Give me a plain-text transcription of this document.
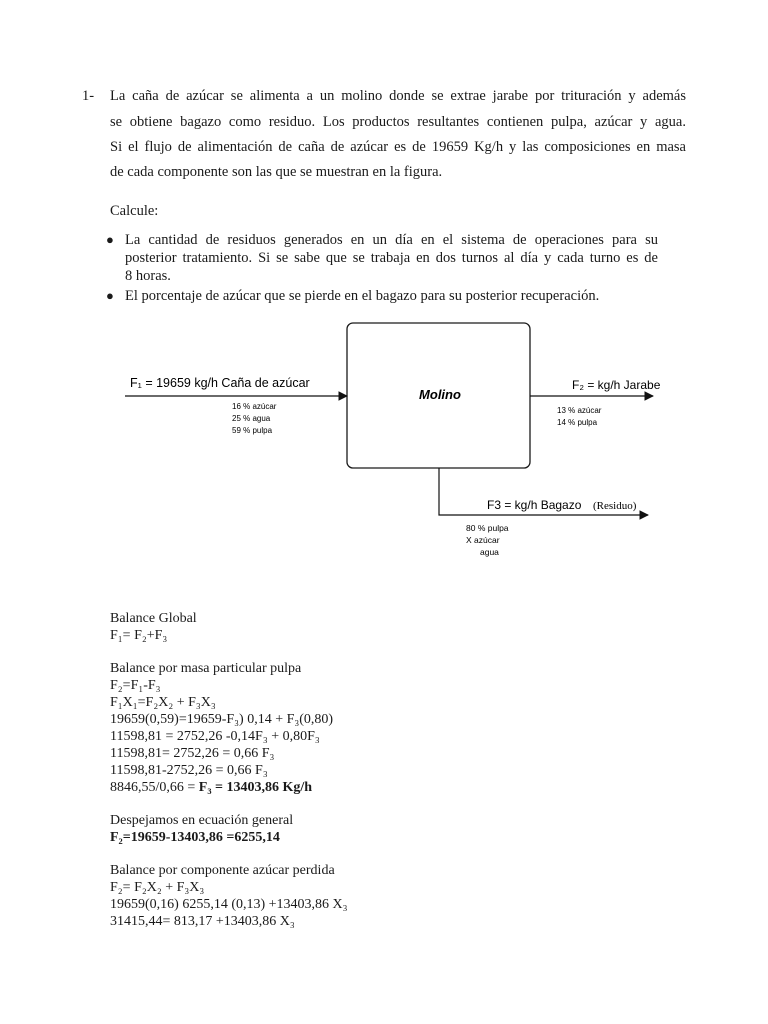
1- La caña de azúcar se alimenta a un molino donde se extrae jarabe por trituración y además
se obtiene bagazo como residuo. Los productos resultantes contienen pulpa, azúcar y agua.
Si el flujo de alimentación de caña de azúcar es de 19659 Kg/h y las composiciones en masa
de cada componente son las que se muestran en la figura.
Calcule:
● La cantidad de residuos generados en un día en el sistema de operaciones para su
posterior tratamiento. Si se sabe que se trabaja en dos turnos al día y cada turno es de
8 horas.
● El porcentaje de azúcar que se pierde en el bagazo para su posterior recuperación.
Molino
F₁ = 19659 kg/h Caña de azúcar
16 % azúcar
25 % agua
59 % pulpa
F₂ = kg/h Jarabe
13 % azúcar
14 % pulpa
F3 = kg/h Bagazo (Residuo)
80 % pulpa
X azúcar
agua
Balance Global
F₁= F₂+F₃
Balance por masa particular pulpa
F₂=F₁-F₃
F₁X₁=F₂X₂ + F₃X₃
19659(0,59)=19659-F₃) 0,14 + F₃(0,80)
11598,81 = 2752,26 -0,14F₃ + 0,80F₃
11598,81= 2752,26 = 0,66 F₃
11598,81-2752,26 = 0,66 F₃
8846,55/0,66 = F₃ = 13403,86 Kg/h
Despejamos en ecuación general
F₂=19659-13403,86 =6255,14
Balance por componente azúcar perdida
F₂= F₂X₂ + F₃X₃
19659(0,16) 6255,14 (0,13) +13403,86 X₃
31415,44= 813,17 +13403,86 X₃
